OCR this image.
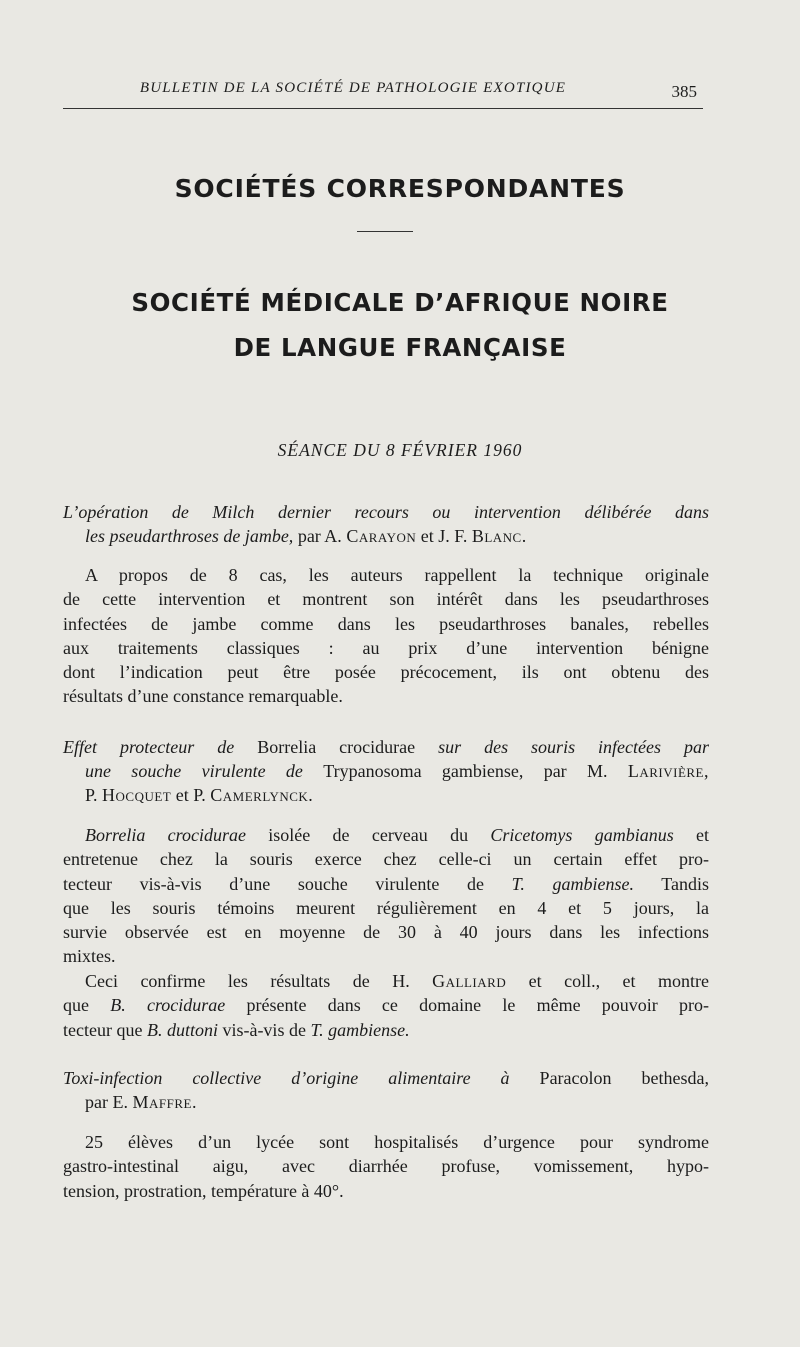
BULLETIN DE LA SOCIÉTÉ DE PATHOLOGIE EXOTIQUE	385
SOCIÉTÉS CORRESPONDANTES
SOCIÉTÉ MÉDICALE D’AFRIQUE NOIRE
DE LANGUE FRANÇAISE
SÉANCE DU 8 FÉVRIER 1960
L’opération de Milch dernier recours ou intervention délibérée dans
les pseudarthroses de jambe, par A. Carayon et J. F. Blanc.
A propos de 8 cas, les auteurs rappellent la technique originale
de cette intervention et montrent son intérêt dans les pseudarthroses
infectées de jambe comme dans les pseudarthroses banales, rebelles
aux traitements classiques : au prix d’une intervention bénigne
dont l’indication peut être posée précocement, ils ont obtenu des
résultats d’une constance remarquable.
Effet protecteur de Borrelia crocidurae sur des souris infectées par
une souche virulente de Trypanosoma gambiense, par M. Larivière,
P. Hocquet et P. Camerlynck.
Borrelia crocidurae isolée de cerveau du Cricetomys gambianus et
entretenue chez la souris exerce chez celle-ci un certain effet pro-
tecteur vis-à-vis d’une souche virulente de T. gambiense. Tandis
que les souris témoins meurent régulièrement en 4 et 5 jours, la
survie observée est en moyenne de 30 à 40 jours dans les infections
mixtes.
Ceci confirme les résultats de H. Galliard et coll., et montre
que B. crocidurae présente dans ce domaine le même pouvoir pro-
tecteur que B. duttoni vis-à-vis de T. gambiense.
Toxi-infection collective d’origine alimentaire à Paracolon bethesda,
par E. Maffre.
25 élèves d’un lycée sont hospitalisés d’urgence pour syndrome
gastro-intestinal aigu, avec diarrhée profuse, vomissement, hypo-
tension, prostration, température à 40°.
